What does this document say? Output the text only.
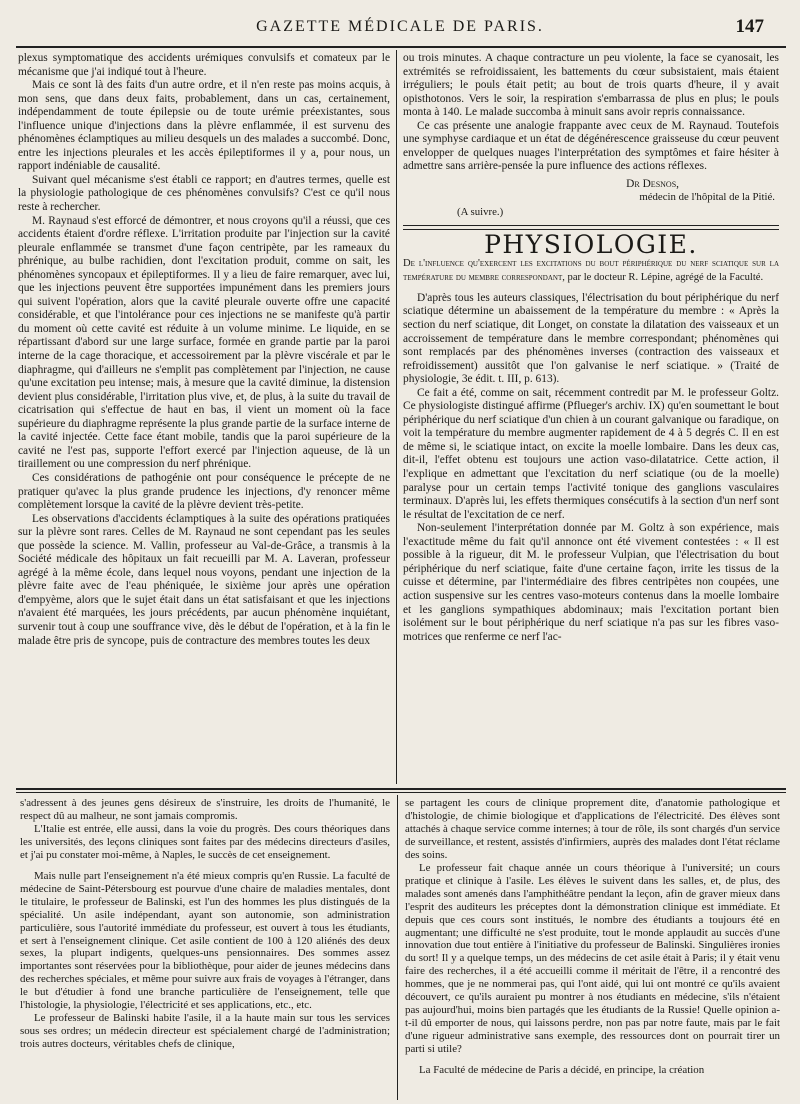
GAZETTE MÉDICALE DE PARIS.	147

plexus symptomatique des accidents urémiques convulsifs et comateux par le mécanisme que j'ai indiqué tout à l'heure.

Mais ce sont là des faits d'un autre ordre, et il n'en reste pas moins acquis, à mon sens, que dans deux faits, probablement, dans un cas, certainement, indépendamment de toute épilepsie ou de toute urémie préexistantes, sous l'influence unique d'injections dans la plèvre enflammée, il est survenu des phénomènes éclamptiques au milieu desquels un des malades a succombé. Donc, entre les injections pleurales et les accès épileptiformes il y a, pour nous, un rapport indéniable de causalité.

Suivant quel mécanisme s'est établi ce rapport; en d'autres termes, quelle est la physiologie pathologique de ces phénomènes convulsifs? C'est ce qu'il nous reste à rechercher.

M. Raynaud s'est efforcé de démontrer, et nous croyons qu'il a réussi, que ces accidents étaient d'ordre réflexe. L'irritation produite par l'injection sur la cavité pleurale enflammée se transmet d'une façon centripète, par les rameaux du phrénique, au bulbe rachidien, dont l'excitation produit, comme on sait, les phénomènes syncopaux et épileptiformes. Il y a lieu de faire remarquer, avec lui, que les injections peuvent être supportées impunément dans les premiers jours qui suivent l'opération, alors que la cavité pleurale ouverte offre une capacité considérable, et que l'intolérance pour ces injections ne se manifeste qu'à partir du moment où cette cavité est réduite à un volume minime. Le liquide, en se répartissant d'abord sur une large surface, formée en grande partie par la paroi interne de la cage thoracique, et accessoirement par la plèvre viscérale et par le diaphragme, qui d'ailleurs ne s'emplit pas complètement par l'injection, ne cause qu'une excitation peu intense; mais, à mesure que la cavité diminue, la distension devient plus considérable, l'irritation plus vive, et, de plus, à la suite du travail de cicatrisation qui s'effectue de haut en bas, il vient un moment où la face supérieure du diaphragme représente la plus grande partie de la surface interne de la cavité injectée. Cette face étant mobile, tandis que la paroi supérieure de la cavité ne l'est pas, supporte l'effort exercé par l'injection aqueuse, de là un tiraillement ou une compression du nerf phrénique.

Ces considérations de pathogénie ont pour conséquence le précepte de ne pratiquer qu'avec la plus grande prudence les injections, d'y renoncer même complètement lorsque la cavité de la plèvre devient très-petite.

Les observations d'accidents éclamptiques à la suite des opérations pratiquées sur la plèvre sont rares. Celles de M. Raynaud ne sont cependant pas les seules que possède la science. M. Vallin, professeur au Val-de-Grâce, a transmis à la Société médicale des hôpitaux un fait recueilli par M. A. Laveran, professeur agrégé à la même école, dans lequel nous voyons, pendant une injection de la plèvre faite avec de l'eau phéniquée, le sixième jour après une opération d'empyème, alors que le sujet était dans un état satisfaisant et que les injections n'avaient été marquées, les jours précédents, par aucun phénomène inquiétant, survenir tout à coup une souffrance vive, dès le début de l'opération, et à la fin le malade être pris de syncope, puis de contracture des membres toutes les deux

ou trois minutes. A chaque contracture un peu violente, la face se cyanosait, les extrémités se refroidissaient, les battements du cœur subsistaient, mais étaient irréguliers; le pouls était petit; au bout de trois quarts d'heure, il y avait opisthotonos. Vers le soir, la respiration s'embarrassa de plus en plus; le pouls monta à 140. Le malade succomba à minuit sans avoir repris connaissance.

Ce cas présente une analogie frappante avec ceux de M. Raynaud. Toutefois une symphyse cardiaque et un état de dégénérescence graisseuse du cœur peuvent envelopper de quelques nuages l'interprétation des symptômes et faire hésiter à admettre sans arrière-pensée la pure influence des actions réflexes.

Dr Desnos,
médecin de l'hôpital de la Pitié.
(A suivre.)
PHYSIOLOGIE.
De l'influence qu'exercent les excitations du bout périphérique du nerf sciatique sur la température du membre correspondant, par le docteur R. Lépine, agrégé de la Faculté.

D'après tous les auteurs classiques, l'électrisation du bout périphérique du nerf sciatique détermine un abaissement de la température du membre : « Après la section du nerf sciatique, dit Longet, on constate la dilatation des vaisseaux et un accroissement de température dans le membre correspondant; phénomènes qui sont remplacés par des phénomènes inverses (contraction des vaisseaux et refroidissement) aussitôt que l'on galvanise le nerf sciatique. » (Traité de physiologie, 3e édit. t. III, p. 613).

Ce fait a été, comme on sait, récemment contredit par M. le professeur Goltz. Ce physiologiste distingué affirme (Pflueger's archiv. IX) qu'en soumettant le bout périphérique du nerf sciatique d'un chien à un courant galvanique ou faradique, on voit la température du membre augmenter rapidement de 4 à 5 degrés C. Il en est de même si, le sciatique intact, on excite la moelle lombaire. Dans les deux cas, dit-il, l'effet obtenu est toujours une action vaso-dilatatrice. Cette action, il l'explique en admettant que l'excitation du nerf sciatique (ou de la moelle) paralyse pour un certain temps l'activité tonique des ganglions vasculaires terminaux. D'après lui, les effets thermiques consécutifs à la section d'un nerf sont le résultat de l'excitation de ce nerf.

Non-seulement l'interprétation donnée par M. Goltz à son expérience, mais l'exactitude même du fait qu'il annonce ont été vivement contestées : « Il est possible à la rigueur, dit M. le professeur Vulpian, que l'électrisation du bout périphérique du nerf sciatique, faite d'une certaine façon, irrite les tissus de la cuisse et détermine, par l'intermédiaire des fibres centripètes non coupées, une action suspensive sur les centres vaso-moteurs contenus dans la moelle lombaire et les ganglions sympathiques abdominaux; mais l'excitation portant bien isolément sur le bout périphérique du nerf sciatique n'a pas sur les fibres vaso-motrices que renferme ce nerf l'ac-

s'adressent à des jeunes gens désireux de s'instruire, les droits de l'humanité, le respect dû au malheur, ne sont jamais compromis.

L'Italie est entrée, elle aussi, dans la voie du progrès. Des cours théoriques dans les universités, des leçons cliniques sont faites par des médecins directeurs d'asiles, et j'ai pu constater moi-même, à Naples, le succès de cet enseignement.

Mais nulle part l'enseignement n'a été mieux compris qu'en Russie. La faculté de médecine de Saint-Pétersbourg est pourvue d'une chaire de maladies mentales, dont le titulaire, le professeur de Balinski, est l'un des hommes les plus distingués de la spécialité. Un asile indépendant, ayant son autonomie, son administration particulière, sous l'autorité immédiate du professeur, est ouvert à tous les étudiants, et sert à l'enseignement clinique. Cet asile contient de 100 à 120 aliénés des deux sexes, la plupart indigents, quelques-uns pensionnaires. Des sommes assez importantes sont réservées pour la bibliothèque, pour aider de jeunes médecins dans des recherches spéciales, et même pour suivre aux frais de voyages à l'étranger, dans le but d'étudier à fond une branche particulière de l'enseignement, telle que l'histologie, la physiologie, l'électricité et ses applications, etc., etc.

Le professeur de Balinski habite l'asile, il a la haute main sur tous les services sous ses ordres; un médecin directeur est spécialement chargé de l'administration; trois autres docteurs, véritables chefs de clinique,

se partagent les cours de clinique proprement dite, d'anatomie pathologique et d'histologie, de chimie biologique et d'applications de l'électricité. Des élèves sont attachés à chaque service comme internes; à tour de rôle, ils sont chargés d'un service de surveillance, et restent, assistés d'infirmiers, auprès des malades dont l'état réclame des soins.

Le professeur fait chaque année un cours théorique à l'université; un cours pratique et clinique à l'asile. Les élèves le suivent dans les salles, et, de plus, des malades sont amenés dans l'amphithéâtre pendant la leçon, afin de graver mieux dans l'esprit des auditeurs les préceptes dont la démonstration clinique est immédiate. Et depuis que ces cours sont institués, le nombre des étudiants a toujours été en augmentant; une difficulté ne s'est produite, tout le monde applaudit au succès d'une innovation due tout entière à l'initiative du professeur de Balinski. Singulières ironies du sort! Il y a quelque temps, un des médecins de cet asile était à Paris; il y était venu faire des recherches, il a été accueilli comme il méritait de l'être, il a rencontré des hommes, que je ne nommerai pas, qui l'ont aidé, qui lui ont montré ce qu'ils avaient découvert, ce qu'ils auraient pu montrer à nos étudiants en médecine, s'ils n'étaient pas aujourd'hui, moins bien partagés que les étudiants de la Russie! Quelle opinion a-t-il dû emporter de nous, qui laissons perdre, non pas par notre faute, mais par le fait d'une rigueur administrative sans exemple, des ressources dont on pourrait tirer un parti si utile?

La Faculté de médecine de Paris a décidé, en principe, la création
